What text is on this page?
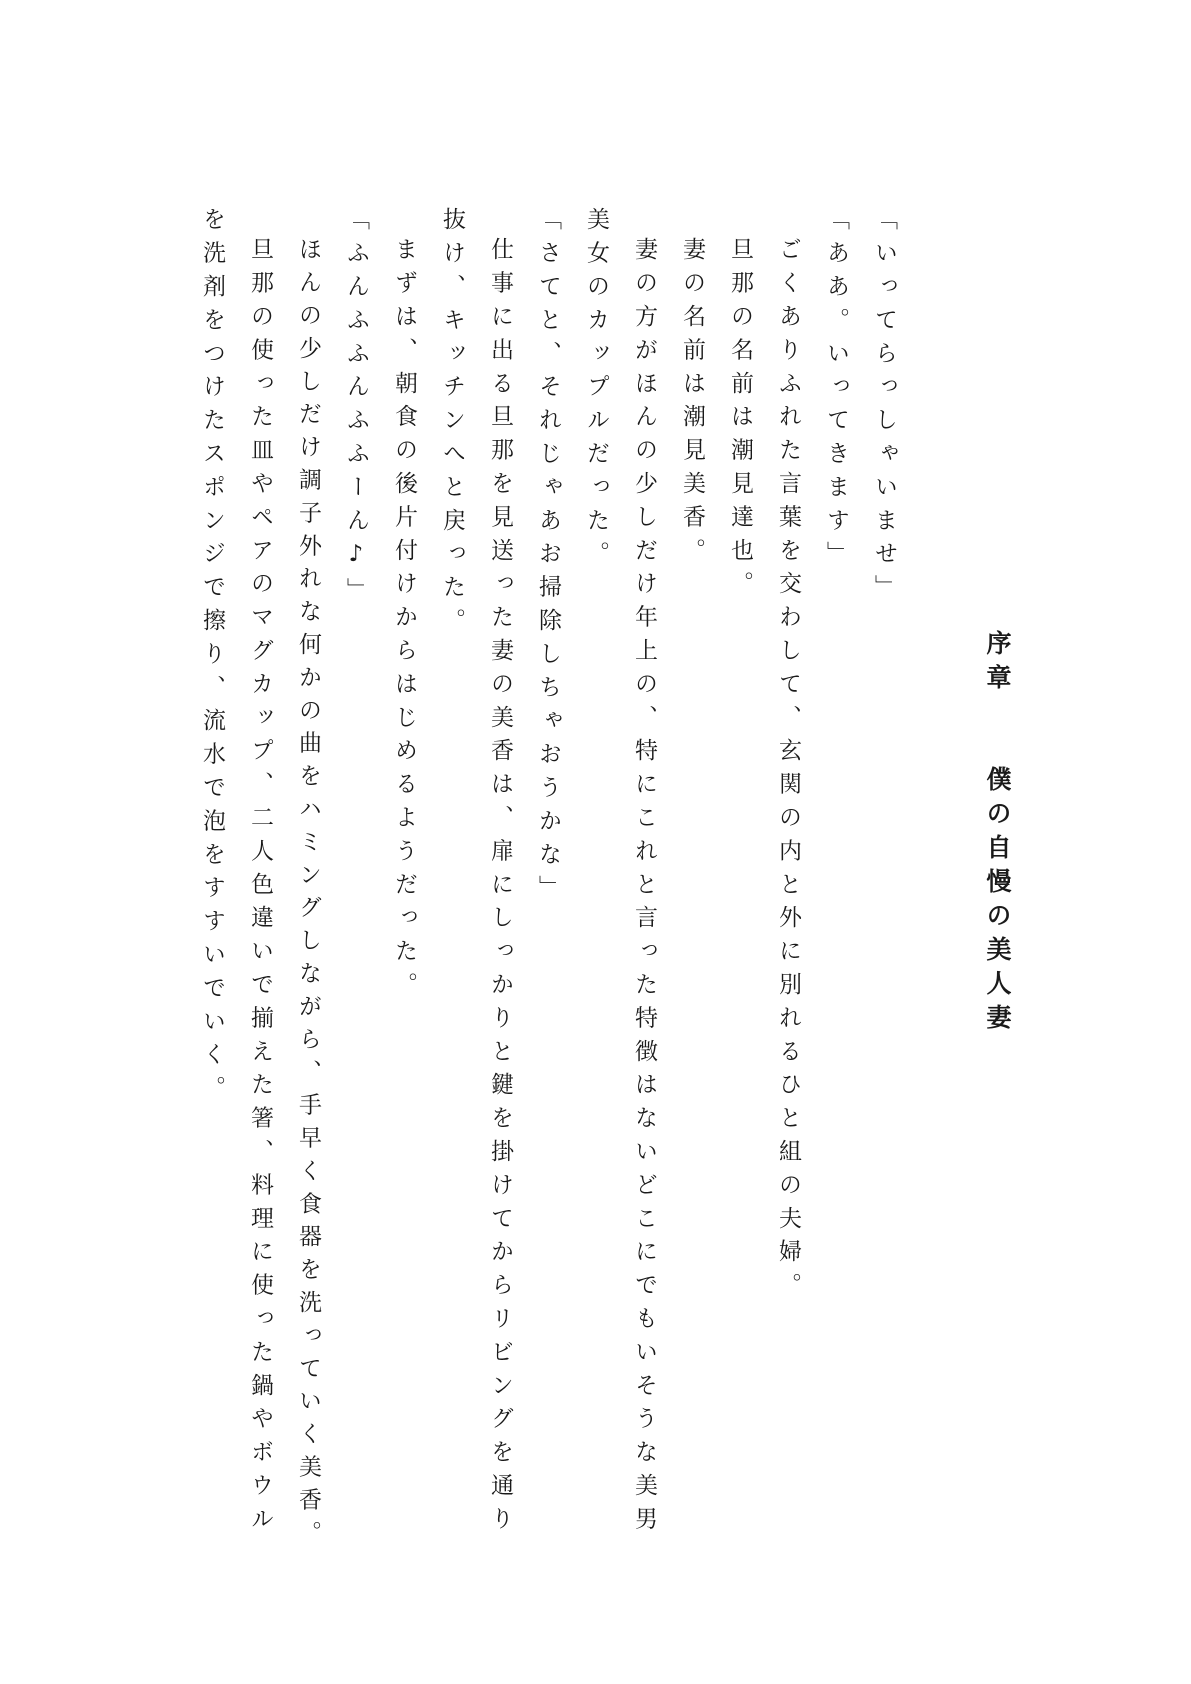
序章　　僕の自慢の美人妻

「いってらっしゃいませ」

「ああ。いってきます」

ごくありふれた言葉を交わして、玄関の内と外に別れるひと組の夫婦。

旦那の名前は潮見達也。

妻の名前は潮見美香。

妻の方がほんの少しだけ年上の、特にこれと言った特徴はないどこにでもいそうな美男

美女のカップルだった。

「さてと、それじゃあお掃除しちゃおうかな」

仕事に出る旦那を見送った妻の美香は、扉にしっかりと鍵を掛けてからリビングを通り

抜け、キッチンへと戻った。

まずは、朝食の後片付けからはじめるようだった。

「ふんふふんふふーん♪」

ほんの少しだけ調子外れな何かの曲をハミングしながら、手早く食器を洗っていく美香。

旦那の使った皿やペアのマグカップ、二人色違いで揃えた箸、料理に使った鍋やボウル

を洗剤をつけたスポンジで擦り、流水で泡をすすいでいく。
